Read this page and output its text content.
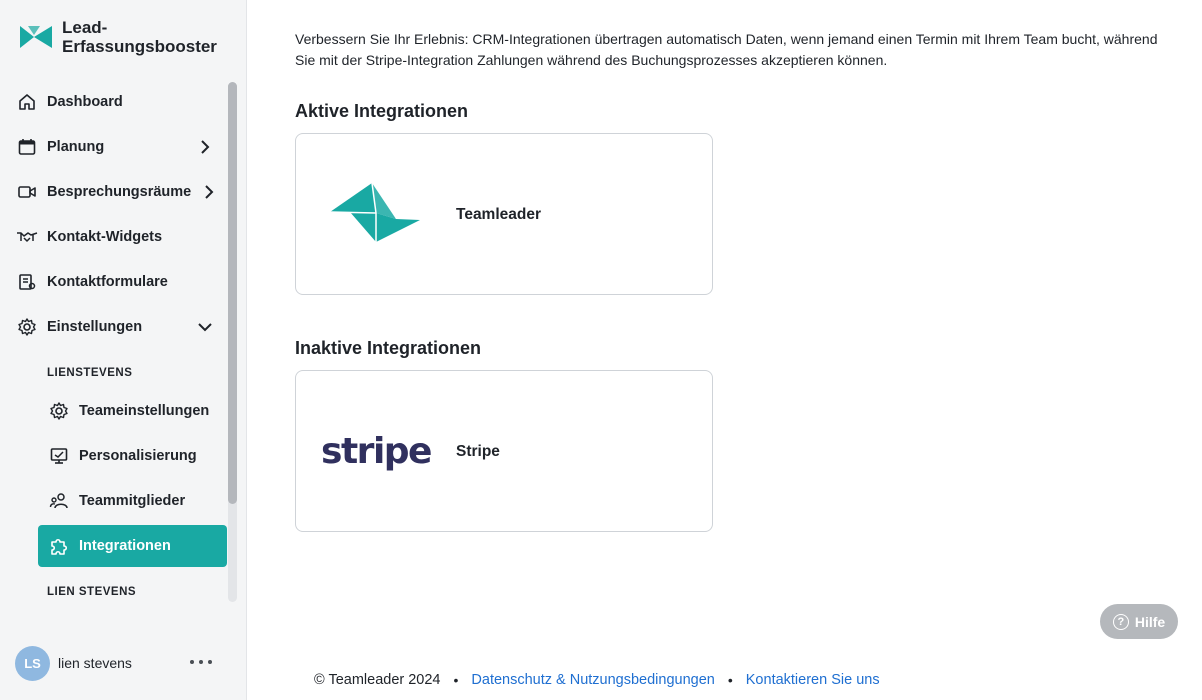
Lead-
Erfassungsbooster
Dashboard
Planung
Besprechungsräume
Kontakt-Widgets
Kontaktformulare
Einstellungen
LIENSTEVENS
Teameinstellungen
Personalisierung
Teammitglieder
Integrationen
LIEN STEVENS
LS	lien stevens

Verbessern Sie Ihr Erlebnis: CRM-Integrationen übertragen automatisch Daten, wenn jemand einen Termin mit Ihrem Team bucht, während Sie mit der Stripe-Integration Zahlungen während des Buchungsprozesses akzeptieren können.

Aktive Integrationen
Teamleader
Inaktive Integrationen
stripe Stripe
? Hilfe
© Teamleader 2024 • Datenschutz & Nutzungsbedingungen • Kontaktieren Sie uns
